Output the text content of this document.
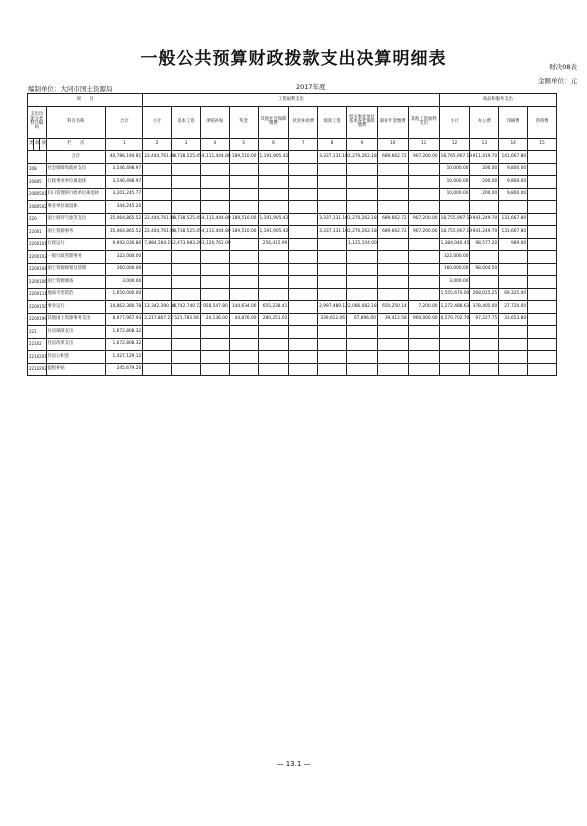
一般公共预算财政拨款支出决算明细表	财决08表
编制单位：大同市国土资源局	2017年度
金额单位：元
项　　目					工资福利支出										商品和服务支出			
支出功能分类科目编码			科目名称	合计	小计	基本工资	津贴补贴	奖金	其他社会保障缴费	伙食补助费	绩效工资	机关事业单位基本养老保险缴费	职业年金缴费	其他工资福利支出	小计	办公费	印刷费	咨询费

类	款	项	栏　　次	1	2	3	4	5	6	7	8	9	10	11	12	13	14	15
			合计	40,786,194.81	22,444,761.80	8,738,525.45	4,111,444.80	189,510.00	1,191,905.42		3,337,131.10	2,270,262.18	689,662.72	907,200.00	18,765,907.19	911,419.70	141,667.80	
208			社会保障和就业支出	3,546,498.97											10,000.00	200.00	9,800.00	
20805			行政事业单位离退休	3,546,498.97											10,000.00	200.00	9,800.00	
2080501			归口管理的行政单位离退休	3,201,245.77											10,000.00	200.00	9,800.00	
2080502			事业单位离退休	344,245.20														
220			国土海洋气象等支出	35,464,865.52	22,444,761.80	8,738,525.45	4,111,444.80	189,510.00	1,191,905.42		3,337,131.10	2,270,262.18	689,662.72	907,200.00	18,755,907.19	941,249.70	131,667.80	
22001			国土资源事务	35,464,865.52	22,444,761.80	8,738,525.45	4,111,444.80	189,510.00	1,191,905.42		3,337,131.10	2,270,262.18	689,662.72	907,200.00	18,755,907.19	941,249.70	131,667.80	
2200101			行政运行	9,692,036.80	7,884,564.15	2,473,983.20	3,126,761.00		256,415.99			1,125,104.00			1,384,046.45	98,577.20	989.00	
2200102			一般行政管理事务	322,000.00											322,000.00			
2200104			国土资源规划及管理	160,000.00											160,000.00	98,004.50		
2200106			国土资源调查	3,000.00											3,000.00			
2200111			地质灾害防治	1,650,000.00											1,555,670.00	268,025.25	69,325.00	
2200150			事业运行	14,862,380.78	12,342,390.38	4,742,740.72	958,547.80	144,634.00	655,238.41		2,997,489.12	2,086,082.18	650,250.14	7,200.00	1,272,488.63	378,405.00	27,720.00	
2200199			其他国土资源事务支出	8,977,967.93	2,217,807.22	521,783.56	24,136.00	44,876.00	280,251.02		339,612.06	67,896.00	39,412.58	900,000.00	6,570,702.70	97,227.75	33,653.80	
221			住房保障支出	1,672,808.32														
22102			住房改革支出	1,672,808.32														
2210201			住房公积金	1,427,129.12														
2210202			提租补贴	245,679.20														
— 13.1 —
